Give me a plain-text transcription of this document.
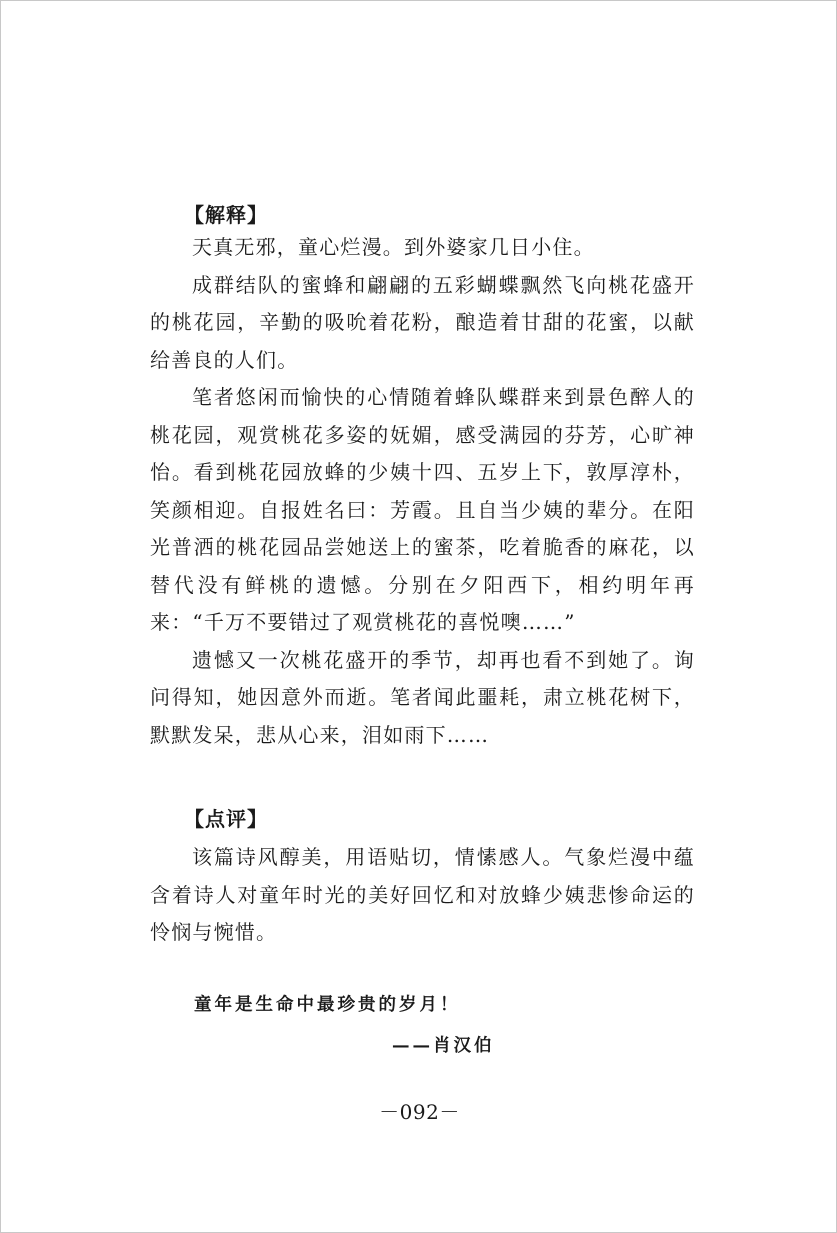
【解释】

天真无邪，童心烂漫。到外婆家几日小住。

成群结队的蜜蜂和翩翩的五彩蝴蝶飘然飞向桃花盛开的桃花园，辛勤的吸吮着花粉，酿造着甘甜的花蜜，以献给善良的人们。

笔者悠闲而愉快的心情随着蜂队蝶群来到景色醉人的桃花园，观赏桃花多姿的妩媚，感受满园的芬芳，心旷神怡。看到桃花园放蜂的少姨十四、五岁上下，敦厚淳朴，笑颜相迎。自报姓名曰：芳霞。且自当少姨的辈分。在阳光普洒的桃花园品尝她送上的蜜茶，吃着脆香的麻花，以替代没有鲜桃的遗憾。分别在夕阳西下，相约明年再来：“千万不要错过了观赏桃花的喜悦噢……”

遗憾又一次桃花盛开的季节，却再也看不到她了。询问得知，她因意外而逝。笔者闻此噩耗，肃立桃花树下，默默发呆，悲从心来，泪如雨下……

【点评】

该篇诗风醇美，用语贴切，情愫感人。气象烂漫中蕴含着诗人对童年时光的美好回忆和对放蜂少姨悲惨命运的怜悯与惋惜。

童年是生命中最珍贵的岁月！
——肖汉伯
－092－
